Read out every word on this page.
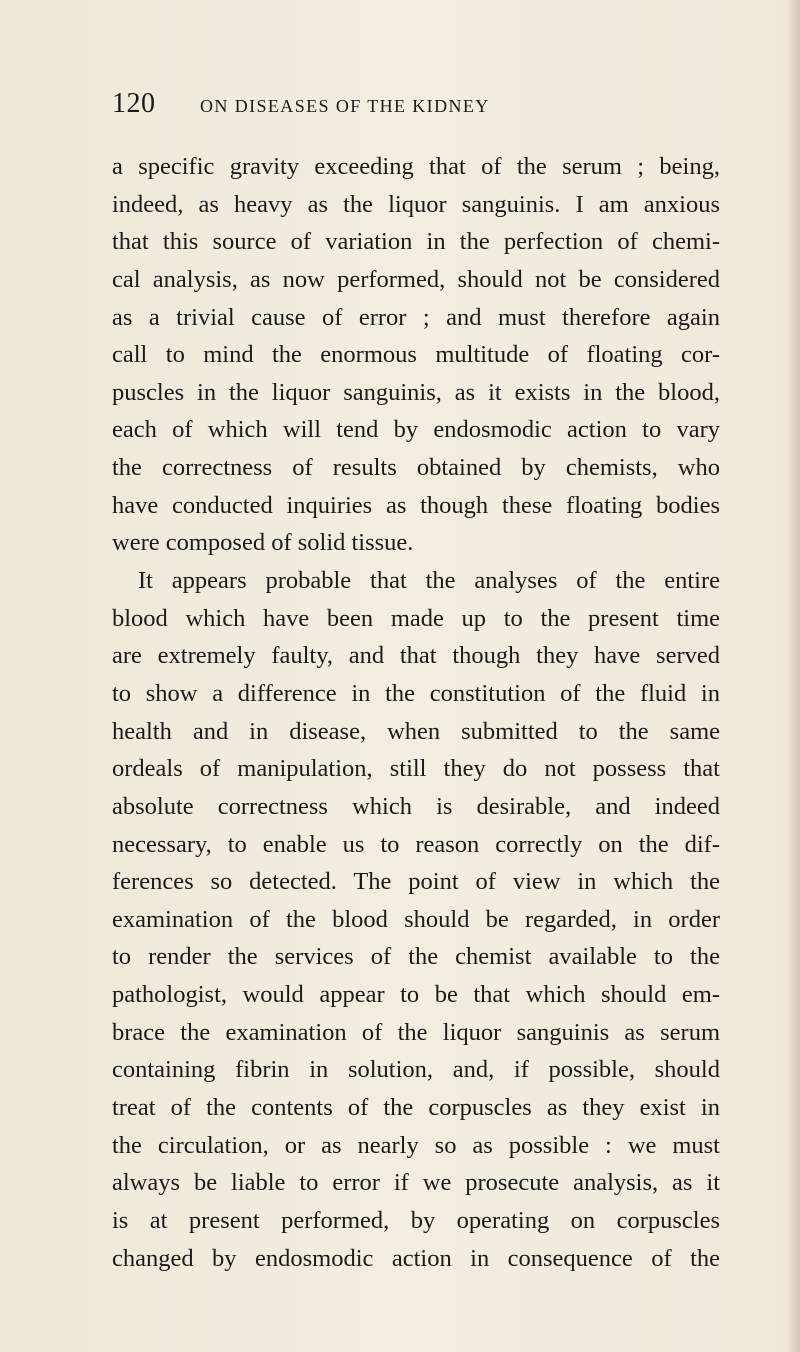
120 ON DISEASES OF THE KIDNEY
a specific gravity exceeding that of the serum ; being,
indeed, as heavy as the liquor sanguinis. I am anxious
that this source of variation in the perfection of chemi-
cal analysis, as now performed, should not be considered
as a trivial cause of error ; and must therefore again
call to mind the enormous multitude of floating cor-
puscles in the liquor sanguinis, as it exists in the blood,
each of which will tend by endosmodic action to vary
the correctness of results obtained by chemists, who
have conducted inquiries as though these floating bodies
were composed of solid tissue.
It appears probable that the analyses of the entire
blood which have been made up to the present time
are extremely faulty, and that though they have served
to show a difference in the constitution of the fluid in
health and in disease, when submitted to the same
ordeals of manipulation, still they do not possess that
absolute correctness which is desirable, and indeed
necessary, to enable us to reason correctly on the dif-
ferences so detected. The point of view in which the
examination of the blood should be regarded, in order
to render the services of the chemist available to the
pathologist, would appear to be that which should em-
brace the examination of the liquor sanguinis as serum
containing fibrin in solution, and, if possible, should
treat of the contents of the corpuscles as they exist in
the circulation, or as nearly so as possible : we must
always be liable to error if we prosecute analysis, as it
is at present performed, by operating on corpuscles
changed by endosmodic action in consequence of the
